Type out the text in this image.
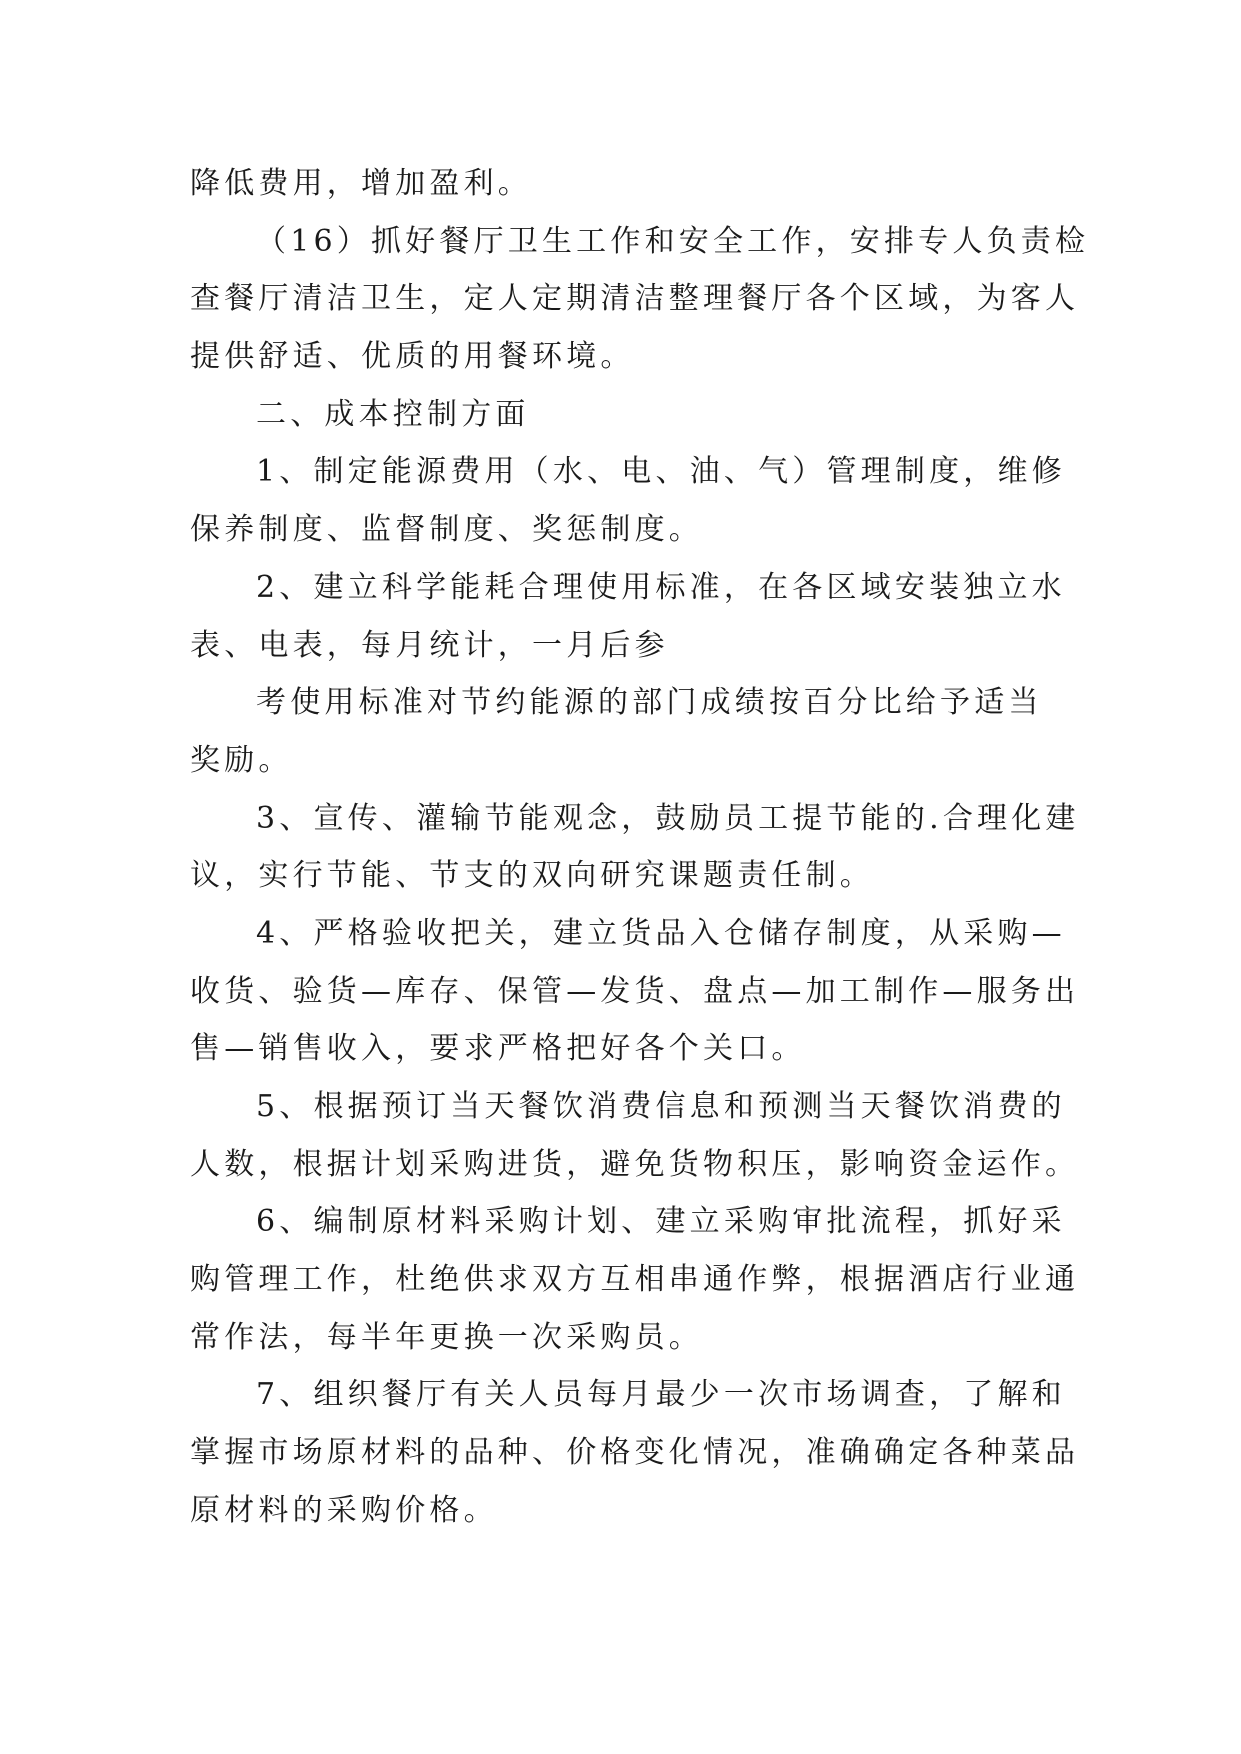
降低费用，增加盈利。
（16）抓好餐厅卫生工作和安全工作，安排专人负责检
查餐厅清洁卫生，定人定期清洁整理餐厅各个区域，为客人
提供舒适、优质的用餐环境。
二、成本控制方面
1、制定能源费用（水、电、油、气）管理制度，维修
保养制度、监督制度、奖惩制度。
2、建立科学能耗合理使用标准，在各区域安装独立水
表、电表，每月统计，一月后参
考使用标准对节约能源的部门成绩按百分比给予适当
奖励。
3、宣传、灌输节能观念，鼓励员工提节能的.合理化建
议，实行节能、节支的双向研究课题责任制。
4、严格验收把关，建立货品入仓储存制度，从采购—
收货、验货—库存、保管—发货、盘点—加工制作—服务出
售—销售收入，要求严格把好各个关口。
5、根据预订当天餐饮消费信息和预测当天餐饮消费的
人数，根据计划采购进货，避免货物积压，影响资金运作。
6、编制原材料采购计划、建立采购审批流程，抓好采
购管理工作，杜绝供求双方互相串通作弊，根据酒店行业通
常作法，每半年更换一次采购员。
7、组织餐厅有关人员每月最少一次市场调查，了解和
掌握市场原材料的品种、价格变化情况，准确确定各种菜品
原材料的采购价格。
